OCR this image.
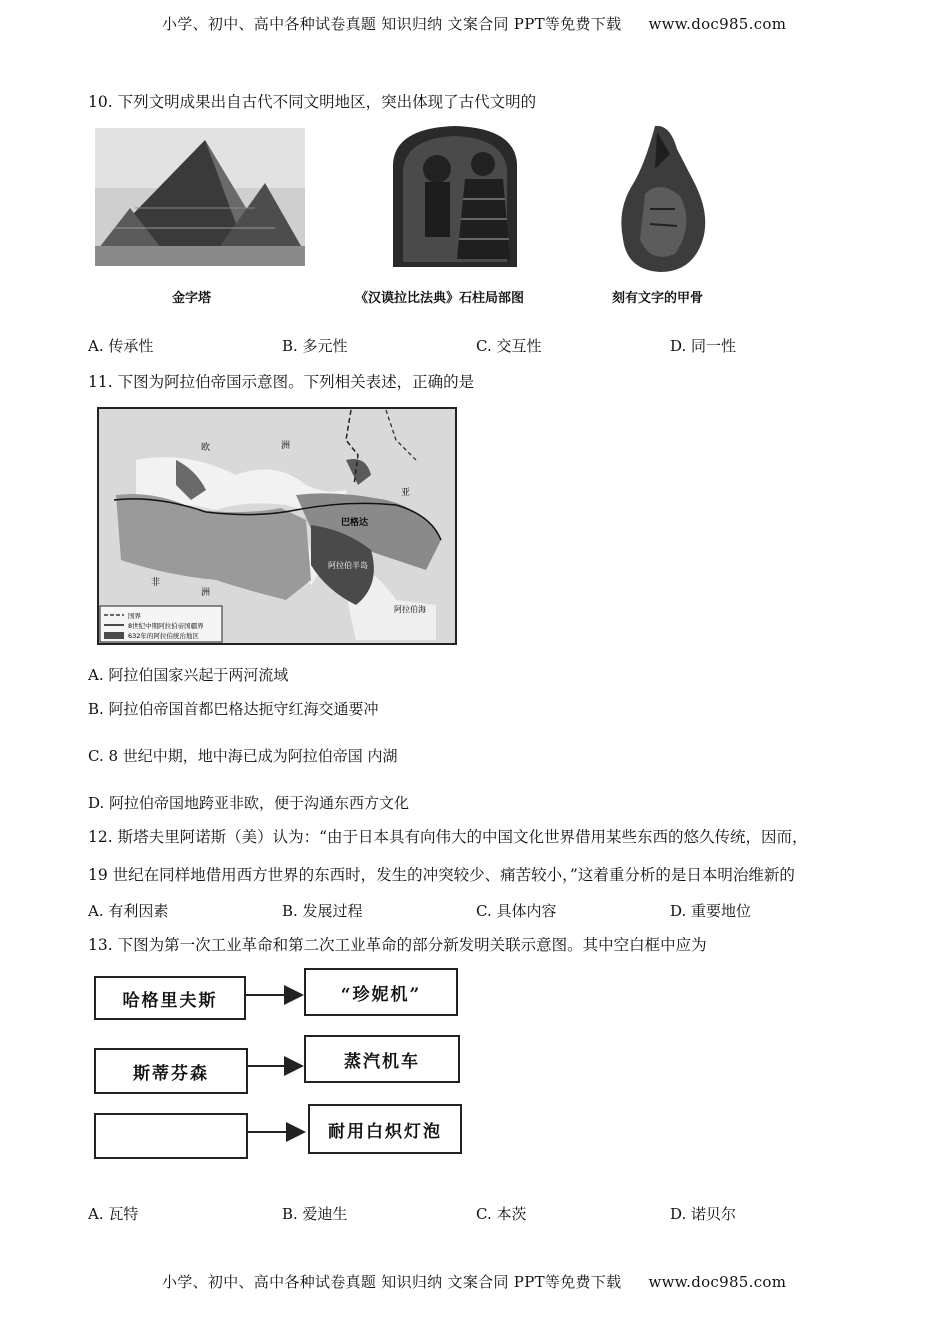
小学、初中、高中各种试卷真题 知识归纳 文案合同 PPT等免费下载 www.doc985.com
10. 下列文明成果出自古代不同文明地区，突出体现了古代文明的
金字塔	《汉谟拉比法典》石柱局部图	刻有文字的甲骨
A. 传承性	B. 多元性	C. 交互性	D. 同一性
11. 下图为阿拉伯帝国示意图。下列相关表述，正确的是
欧	洲
巴格达
阿拉伯半岛
非
洲
亚
阿拉伯海
国界
8世纪中期阿拉伯帝国疆界
632年的阿拉伯统治地区
A. 阿拉伯国家兴起于两河流域
B. 阿拉伯帝国首都巴格达扼守红海交通要冲
C. 8 世纪中期，地中海已成为阿拉伯帝国 内湖
D. 阿拉伯帝国地跨亚非欧，便于沟通东西方文化
12. 斯塔夫里阿诺斯（美）认为：“由于日本具有向伟大的中国文化世界借用某些东西的悠久传统，因而，
19 世纪在同样地借用西方世界的东西时，发生的冲突较少、痛苦较小，”这着重分析的是日本明治维新的
A. 有利因素	B. 发展过程	C. 具体内容	D. 重要地位
13. 下图为第一次工业革命和第二次工业革命的部分新发明关联示意图。其中空白框中应为
哈格里夫斯
斯蒂芬森
“珍妮机”
蒸汽机车
耐用白炽灯泡
A. 瓦特	B. 爱迪生	C. 本茨	D. 诺贝尔
小学、初中、高中各种试卷真题 知识归纳 文案合同 PPT等免费下载 www.doc985.com
